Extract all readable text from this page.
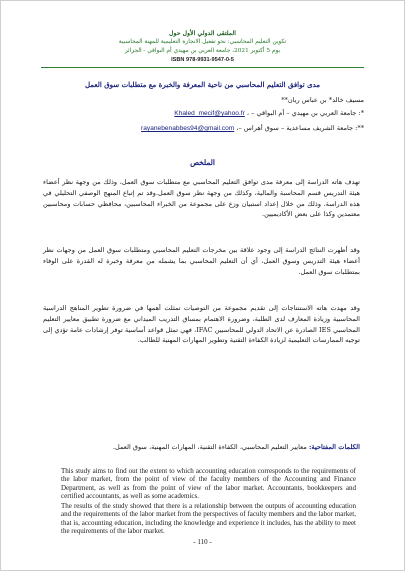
الملتقى الدولي الأول حول
تكوين التعليم المحاسبي: نحو تفعيل الانجازة التعليمية للمهنة المحاسبية
يوم 5 أكتوبر 2021، جامعة العربي بن مهيدي أم البواقي - الجزائر
ISBN 978-9931-9547-0-5
مدى توافق التعليم المحاسبي من ناحية المعرفة والخبرة مع متطلبات سوق العمل
مسيف خالد* بن عباس ريان**
*: جامعة العربي بن مهيدي – أم البواقي – ، Khaled_mecif@yahoo.fr
**: جامعة الشريف مساعدية – سوق أهراس –، rayanebenabbes94@gmail.com
الملخص
تهدف هاته الدراسة إلى معرفة مدى توافق التعليم المحاسبي مع متطلبات سوق العمل، وذلك من وجهة نظر أعضاء هيئة التدريس قسم المحاسبة والمالية، وكذلك من وجهة نظر سوق العمل.وقد تم إتباع المنهج الوصفي التحليلي في هذه الدراسة. وذلك من خلال إعداد استبيان وزع على مجموعة من الخبراء المحاسبين، محافظي حسابات ومحاسبين معتمدين وكذا على بعض الأكاديميين.
وقد أظهرت النتائج الدراسة إلى وجود علاقة بين مخرجات التعليم المحاسبي ومتطلبات سوق العمل من وجهات نظر أعضاء هيئة التدريس وسوق العمل، أي أن التعليم المحاسبي بما يشمله من معرفة وخبرة له القدرة على الوفاء بمتطلبات سوق العمل.
وقد مهدت هاته الاستنتاجات إلى تقديم مجموعة من التوصيات تمثلت أهمها في ضرورة تطوير المناهج الدراسية المحاسبية وزيادة المعارف لدى الطلبة، وضرورة الاهتمام بمساق التدريب الميداني مع ضرورة تطبيق معايير التعليم المحاسبي IES الصادرة عن الاتحاد الدولي للمحاسبين IFAC، فهي تمثل قواعد أساسية توفر إرشادات عامة تؤدي إلى توجيه الممارسات التعليمية لزيادة الكفاءة التقنية وتطوير المهارات المهنية للطالب.
الكلمات المفتاحية: معايير التعليم المحاسبي، الكفاءة التقنية، المهارات المهنية، سوق العمل.
This study aims to find out the extent to which accounting education corresponds to the requirements of the labor market, from the point of view of the faculty members of the Accounting and Finance Department, as well as from the point of view of the labor market. Accountants, bookkeepers and certified accountants, as well as some academics.
The results of the study showed that there is a relationship between the outputs of accounting education and the requirements of the labor market from the perspectives of faculty members and the labor market, that is, accounting education, including the knowledge and experience it includes, has the ability to meet the requirements of the labor market.
- 110 -
